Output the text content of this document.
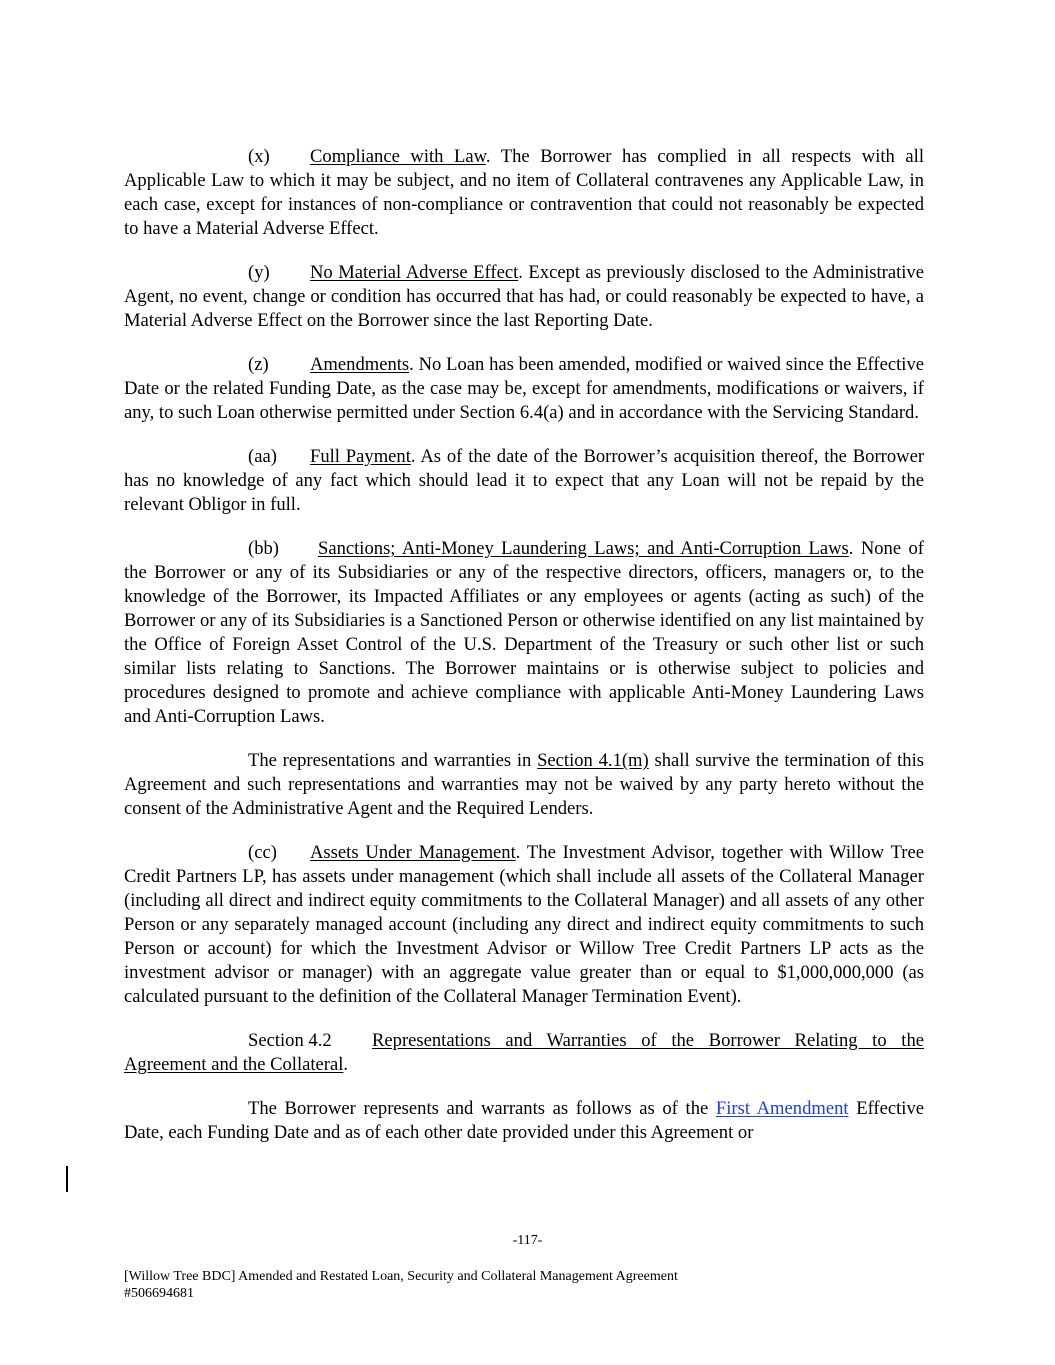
(x) Compliance with Law. The Borrower has complied in all respects with all Applicable Law to which it may be subject, and no item of Collateral contravenes any Applicable Law, in each case, except for instances of non-compliance or contravention that could not reasonably be expected to have a Material Adverse Effect.

(y) No Material Adverse Effect. Except as previously disclosed to the Administrative Agent, no event, change or condition has occurred that has had, or could reasonably be expected to have, a Material Adverse Effect on the Borrower since the last Reporting Date.

(z) Amendments. No Loan has been amended, modified or waived since the Effective Date or the related Funding Date, as the case may be, except for amendments, modifications or waivers, if any, to such Loan otherwise permitted under Section 6.4(a) and in accordance with the Servicing Standard.

(aa) Full Payment. As of the date of the Borrower’s acquisition thereof, the Borrower has no knowledge of any fact which should lead it to expect that any Loan will not be repaid by the relevant Obligor in full.

(bb) Sanctions; Anti-Money Laundering Laws; and Anti-Corruption Laws. None of the Borrower or any of its Subsidiaries or any of the respective directors, officers, managers or, to the knowledge of the Borrower, its Impacted Affiliates or any employees or agents (acting as such) of the Borrower or any of its Subsidiaries is a Sanctioned Person or otherwise identified on any list maintained by the Office of Foreign Asset Control of the U.S. Department of the Treasury or such other list or such similar lists relating to Sanctions. The Borrower maintains or is otherwise subject to policies and procedures designed to promote and achieve compliance with applicable Anti-Money Laundering Laws and Anti-Corruption Laws.

The representations and warranties in Section 4.1(m) shall survive the termination of this Agreement and such representations and warranties may not be waived by any party hereto without the consent of the Administrative Agent and the Required Lenders.

(cc) Assets Under Management. The Investment Advisor, together with Willow Tree Credit Partners LP, has assets under management (which shall include all assets of the Collateral Manager (including all direct and indirect equity commitments to the Collateral Manager) and all assets of any other Person or any separately managed account (including any direct and indirect equity commitments to such Person or account) for which the Investment Advisor or Willow Tree Credit Partners LP acts as the investment advisor or manager) with an aggregate value greater than or equal to $1,000,000,000 (as calculated pursuant to the definition of the Collateral Manager Termination Event).

Section 4.2 Representations and Warranties of the Borrower Relating to the Agreement and the Collateral.

The Borrower represents and warrants as follows as of the First Amendment Effective Date, each Funding Date and as of each other date provided under this Agreement or

-117-
[Willow Tree BDC] Amended and Restated Loan, Security and Collateral Management Agreement
#506694681
